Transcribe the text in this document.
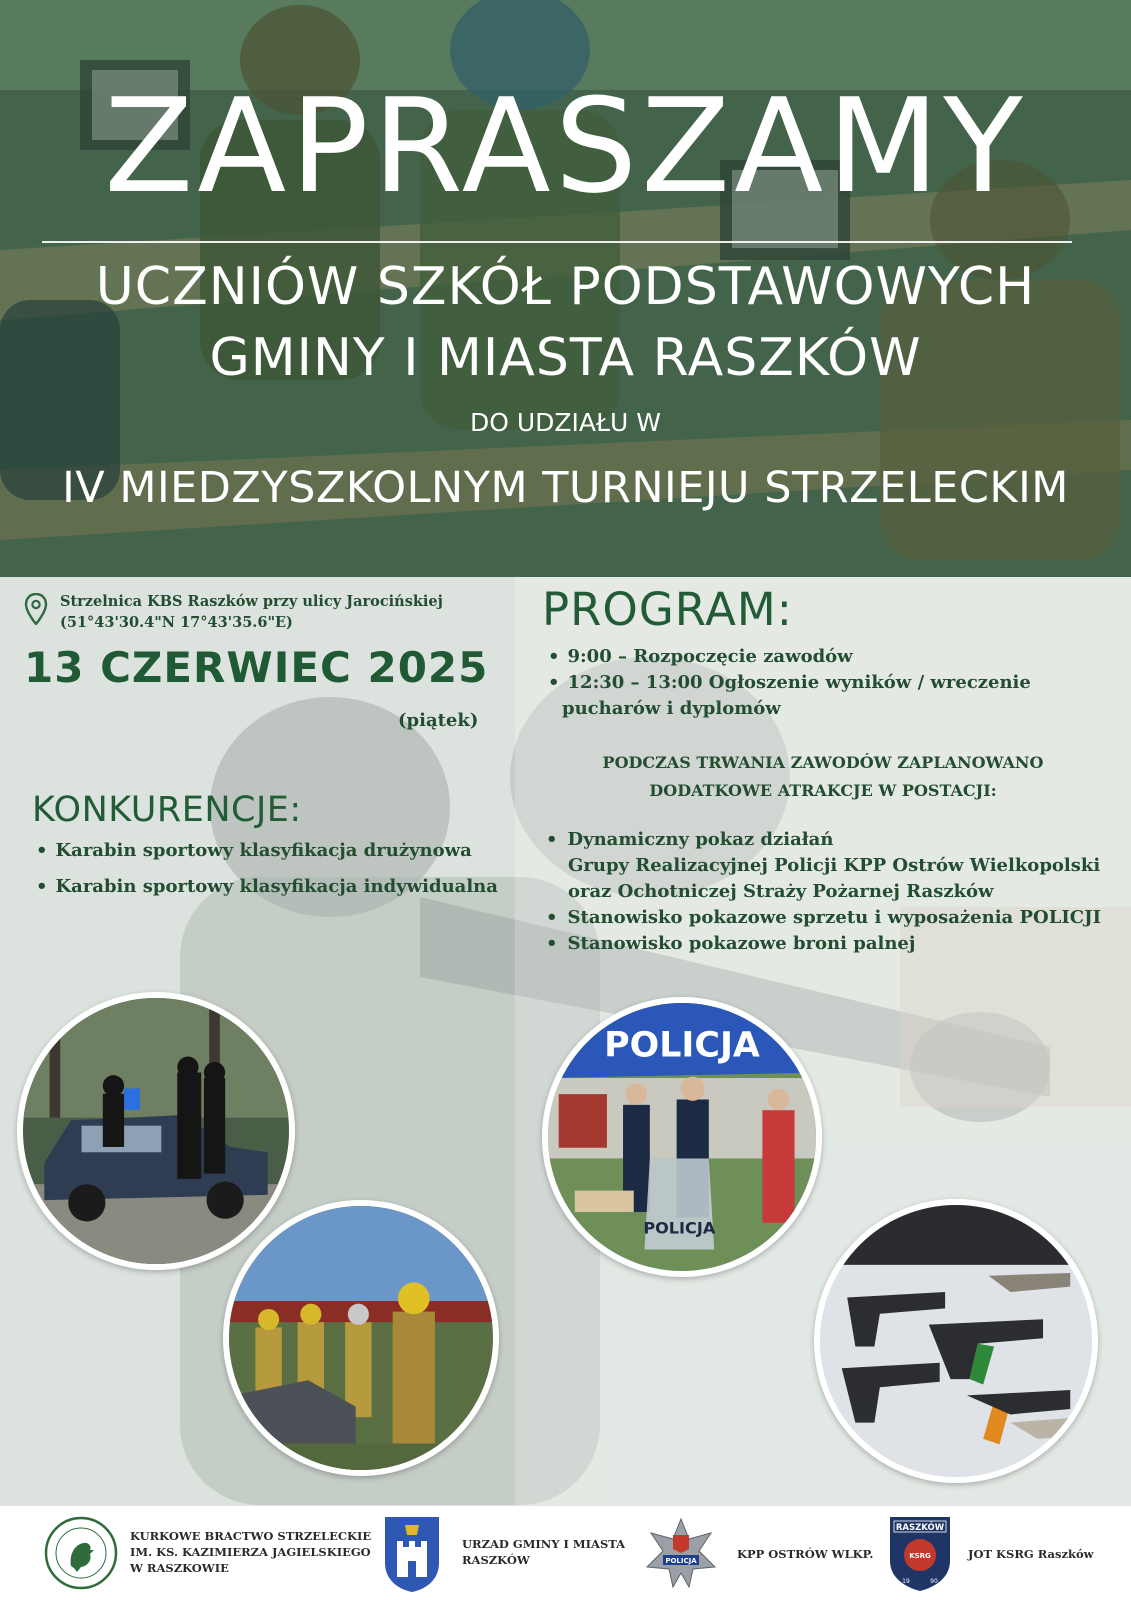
ZAPRASZAMY
UCZNIÓW SZKÓŁ PODSTAWOWYCH
GMINY I MIASTA RASZKÓW
DO UDZIAŁU W
IV MIEDZYSZKOLNYM TURNIEJU STRZELECKIM
Strzelnica KBS Raszków przy ulicy Jarocińskiej
(51°43'30.4"N 17°43'35.6"E)
13 CZERWIEC 2025
(piątek)
KONKURENCJE:
• Karabin sportowy klasyfikacja drużynowa
• Karabin sportowy klasyfikacja indywidualna
PROGRAM:
• 9:00 – Rozpoczęcie zawodów
• 12:30 – 13:00 Ogłoszenie wyników / wreczenie pucharów i dyplomów
PODCZAS TRWANIA ZAWODÓW ZAPLANOWANO
DODATKOWE ATRAKCJE W POSTACJI:
• Dynamiczny pokaz działań
Grupy Realizacyjnej Policji KPP Ostrów Wielkopolski
oraz Ochotniczej Straży Pożarnej Raszków
• Stanowisko pokazowe sprzetu i wyposażenia POLICJI
• Stanowisko pokazowe broni palnej
POLICJA
POLICJA
KURKOWE BRACTWO STRZELECKIE
IM. KS. KAZIMIERZA JAGIELSKIEGO
W RASZKOWIE
URZAD GMINY I MIASTA
RASZKÓW	POLICJA	KPP OSTRÓW WLKP.
RASZKÓW
KSRG
19	90
JOT KSRG Raszków
